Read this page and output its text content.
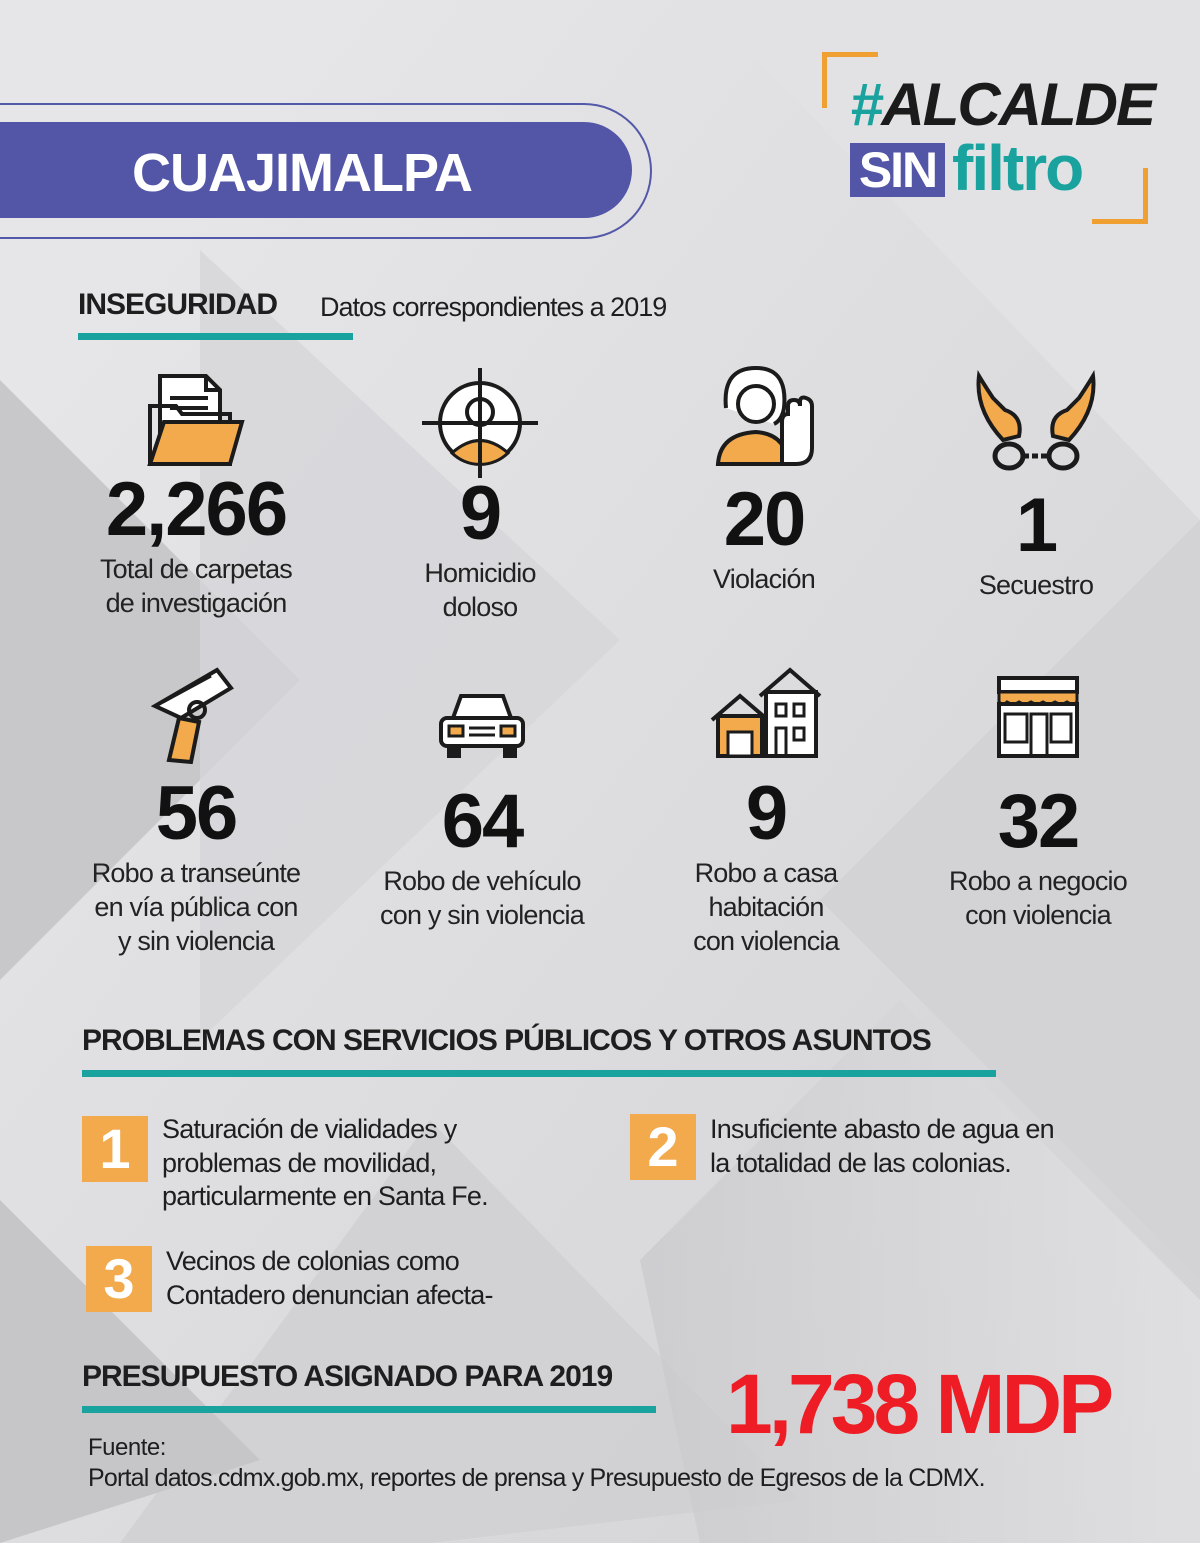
CUAJIMALPA
#ALCALDE
SIN filtro
INSEGURIDAD Datos correspondientes a 2019
2,266
Total de carpetas
de investigación
9
Homicidio
doloso
20
Violación
1
Secuestro
56
Robo a transeúnte
en vía pública con
y sin violencia
64
Robo de vehículo
con y sin violencia
9
Robo a casa
habitación
con violencia
32
Robo a negocio
con violencia
PROBLEMAS CON SERVICIOS PÚBLICOS Y OTROS ASUNTOS
1	Saturación de vialidades y
problemas de movilidad,
particularmente en Santa Fe.
2	Insuficiente abasto de agua en
la totalidad de las colonias.
3	Vecinos de colonias como
Contadero denuncian afecta-
PRESUPUESTO ASIGNADO PARA 2019 1,738 MDP
Fuente:
Portal datos.cdmx.gob.mx, reportes de prensa y Presupuesto de Egresos de la CDMX.
